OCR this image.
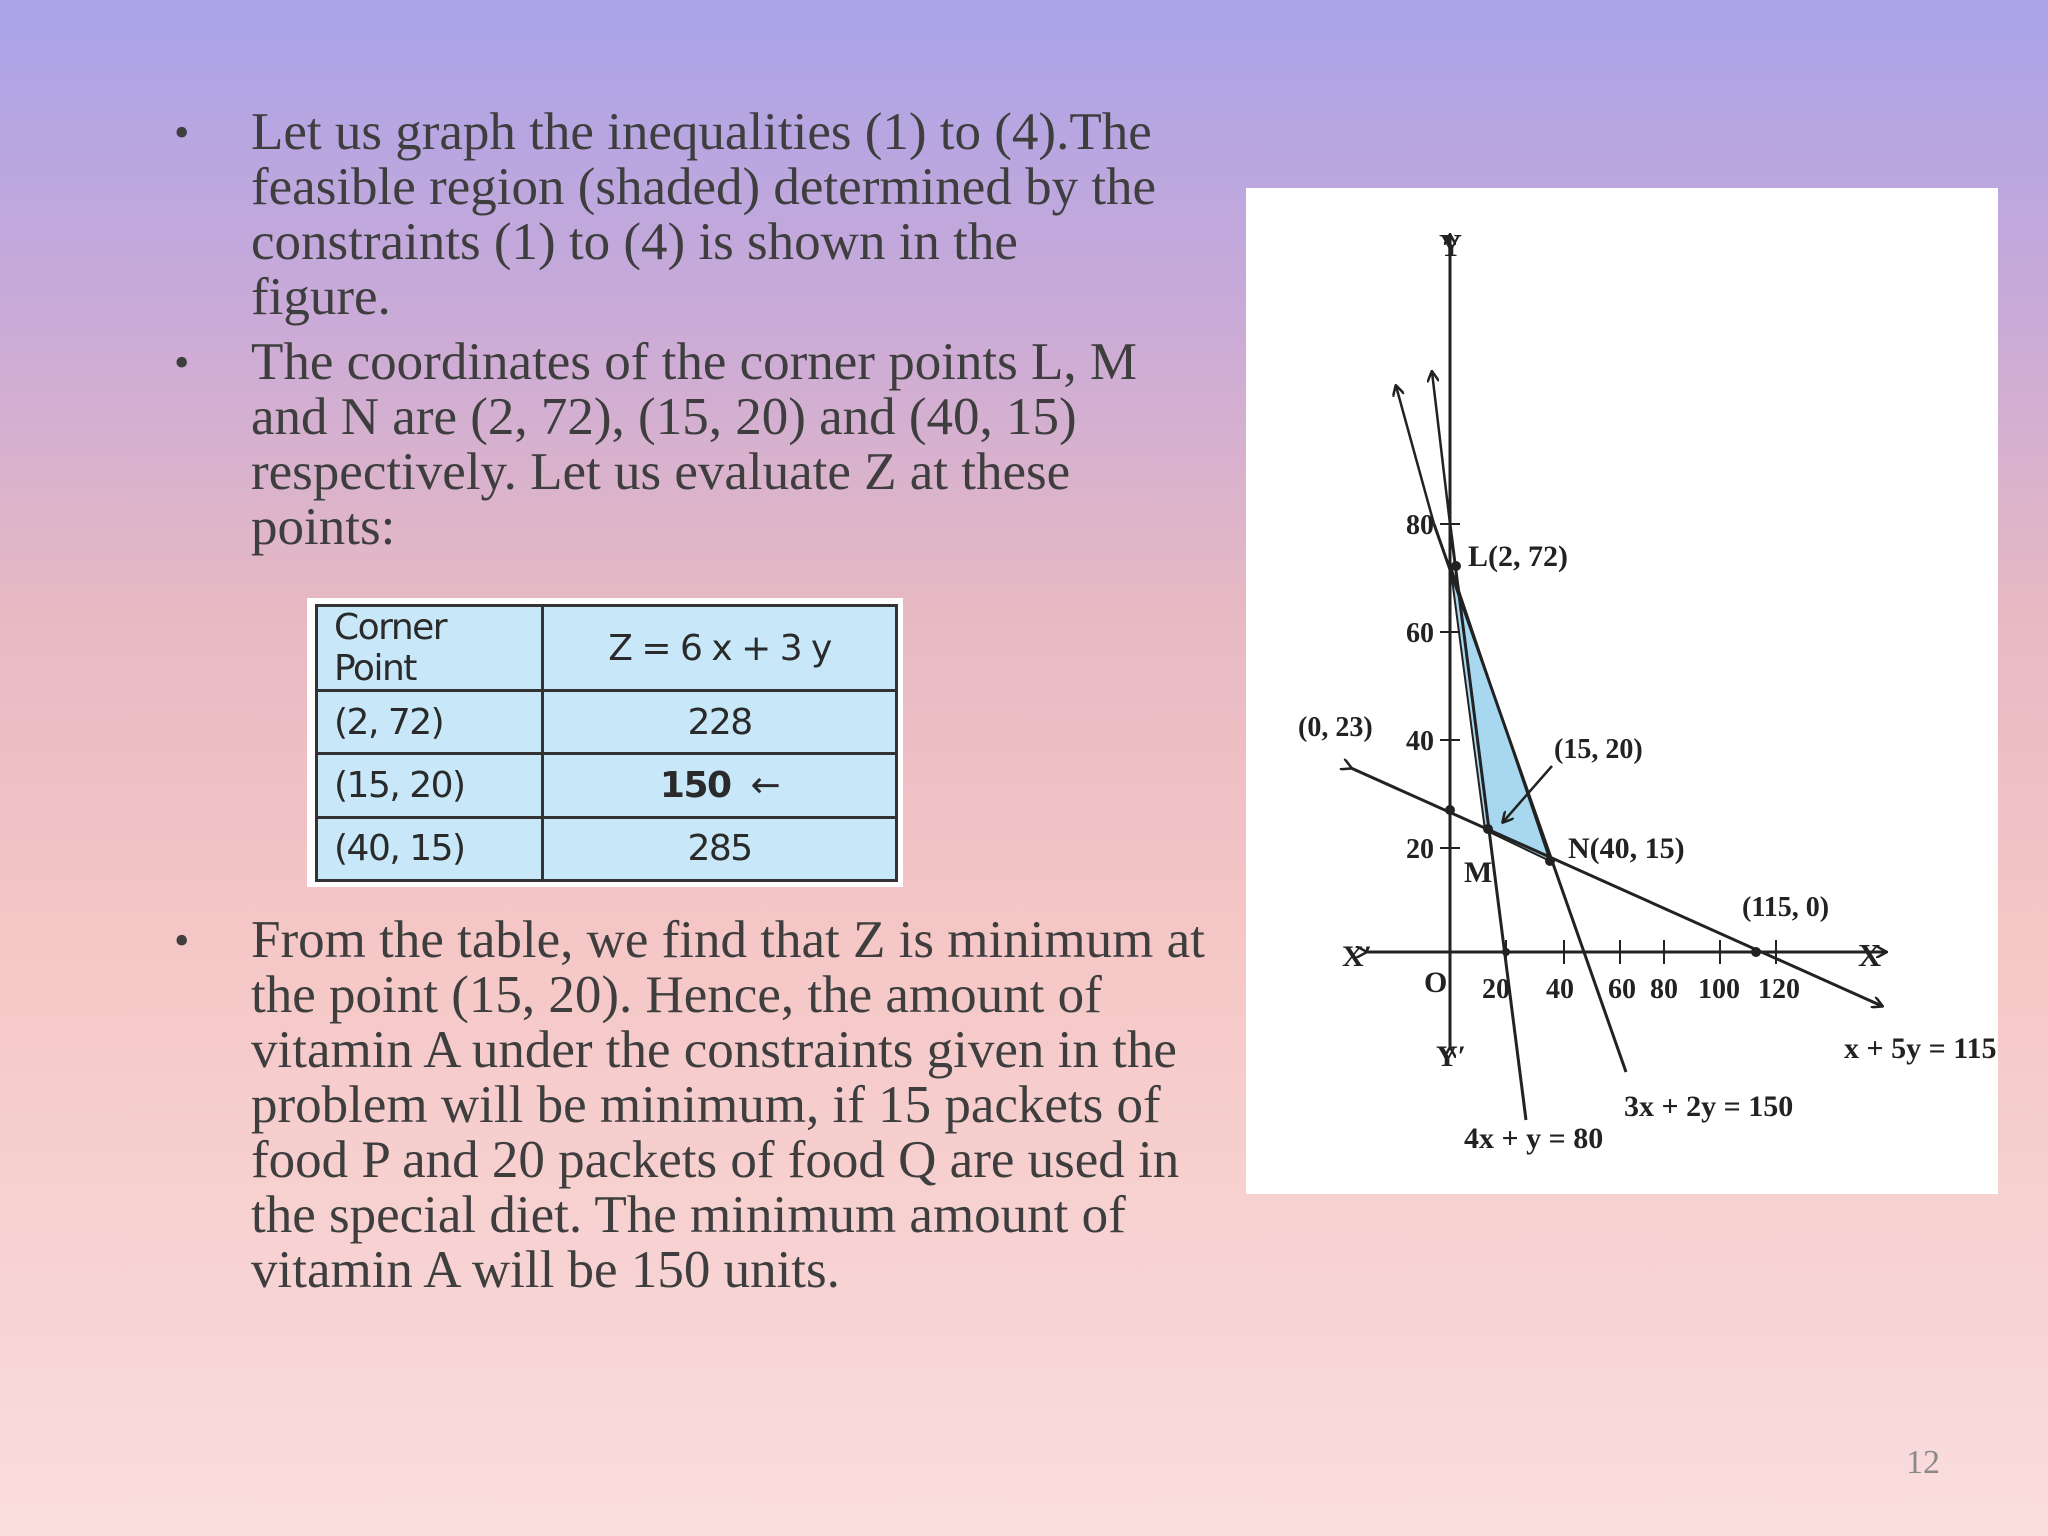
• Let us graph the inequalities (1) to (4).The feasible region (shaded) determined by the constraints (1) to (4) is shown in the figure.
• The coordinates of the corner points L, M and N are (2, 72), (15, 20) and (40, 15) respectively. Let us evaluate Z at these points:
Corner Point	Z = 6 x + 3 y
(2, 72)	228
(15, 20)	150 ←
(40, 15)	285
• From the table, we find that Z is minimum at the point (15, 20). Hence, the amount of vitamin A under the constraints given in the problem will be minimum, if 15 packets of food P and 20 packets of food Q are used in the special diet. The minimum amount of vitamin A will be 150 units.
Y
Y′
X
X′
O 20 40 60 80 100 120
20
40
60
80
L(2, 72)
M
N(40, 15)
(0, 23)
(15, 20)
(115, 0)
x + 5y = 115
3x + 2y = 150
4x + y = 80
12
